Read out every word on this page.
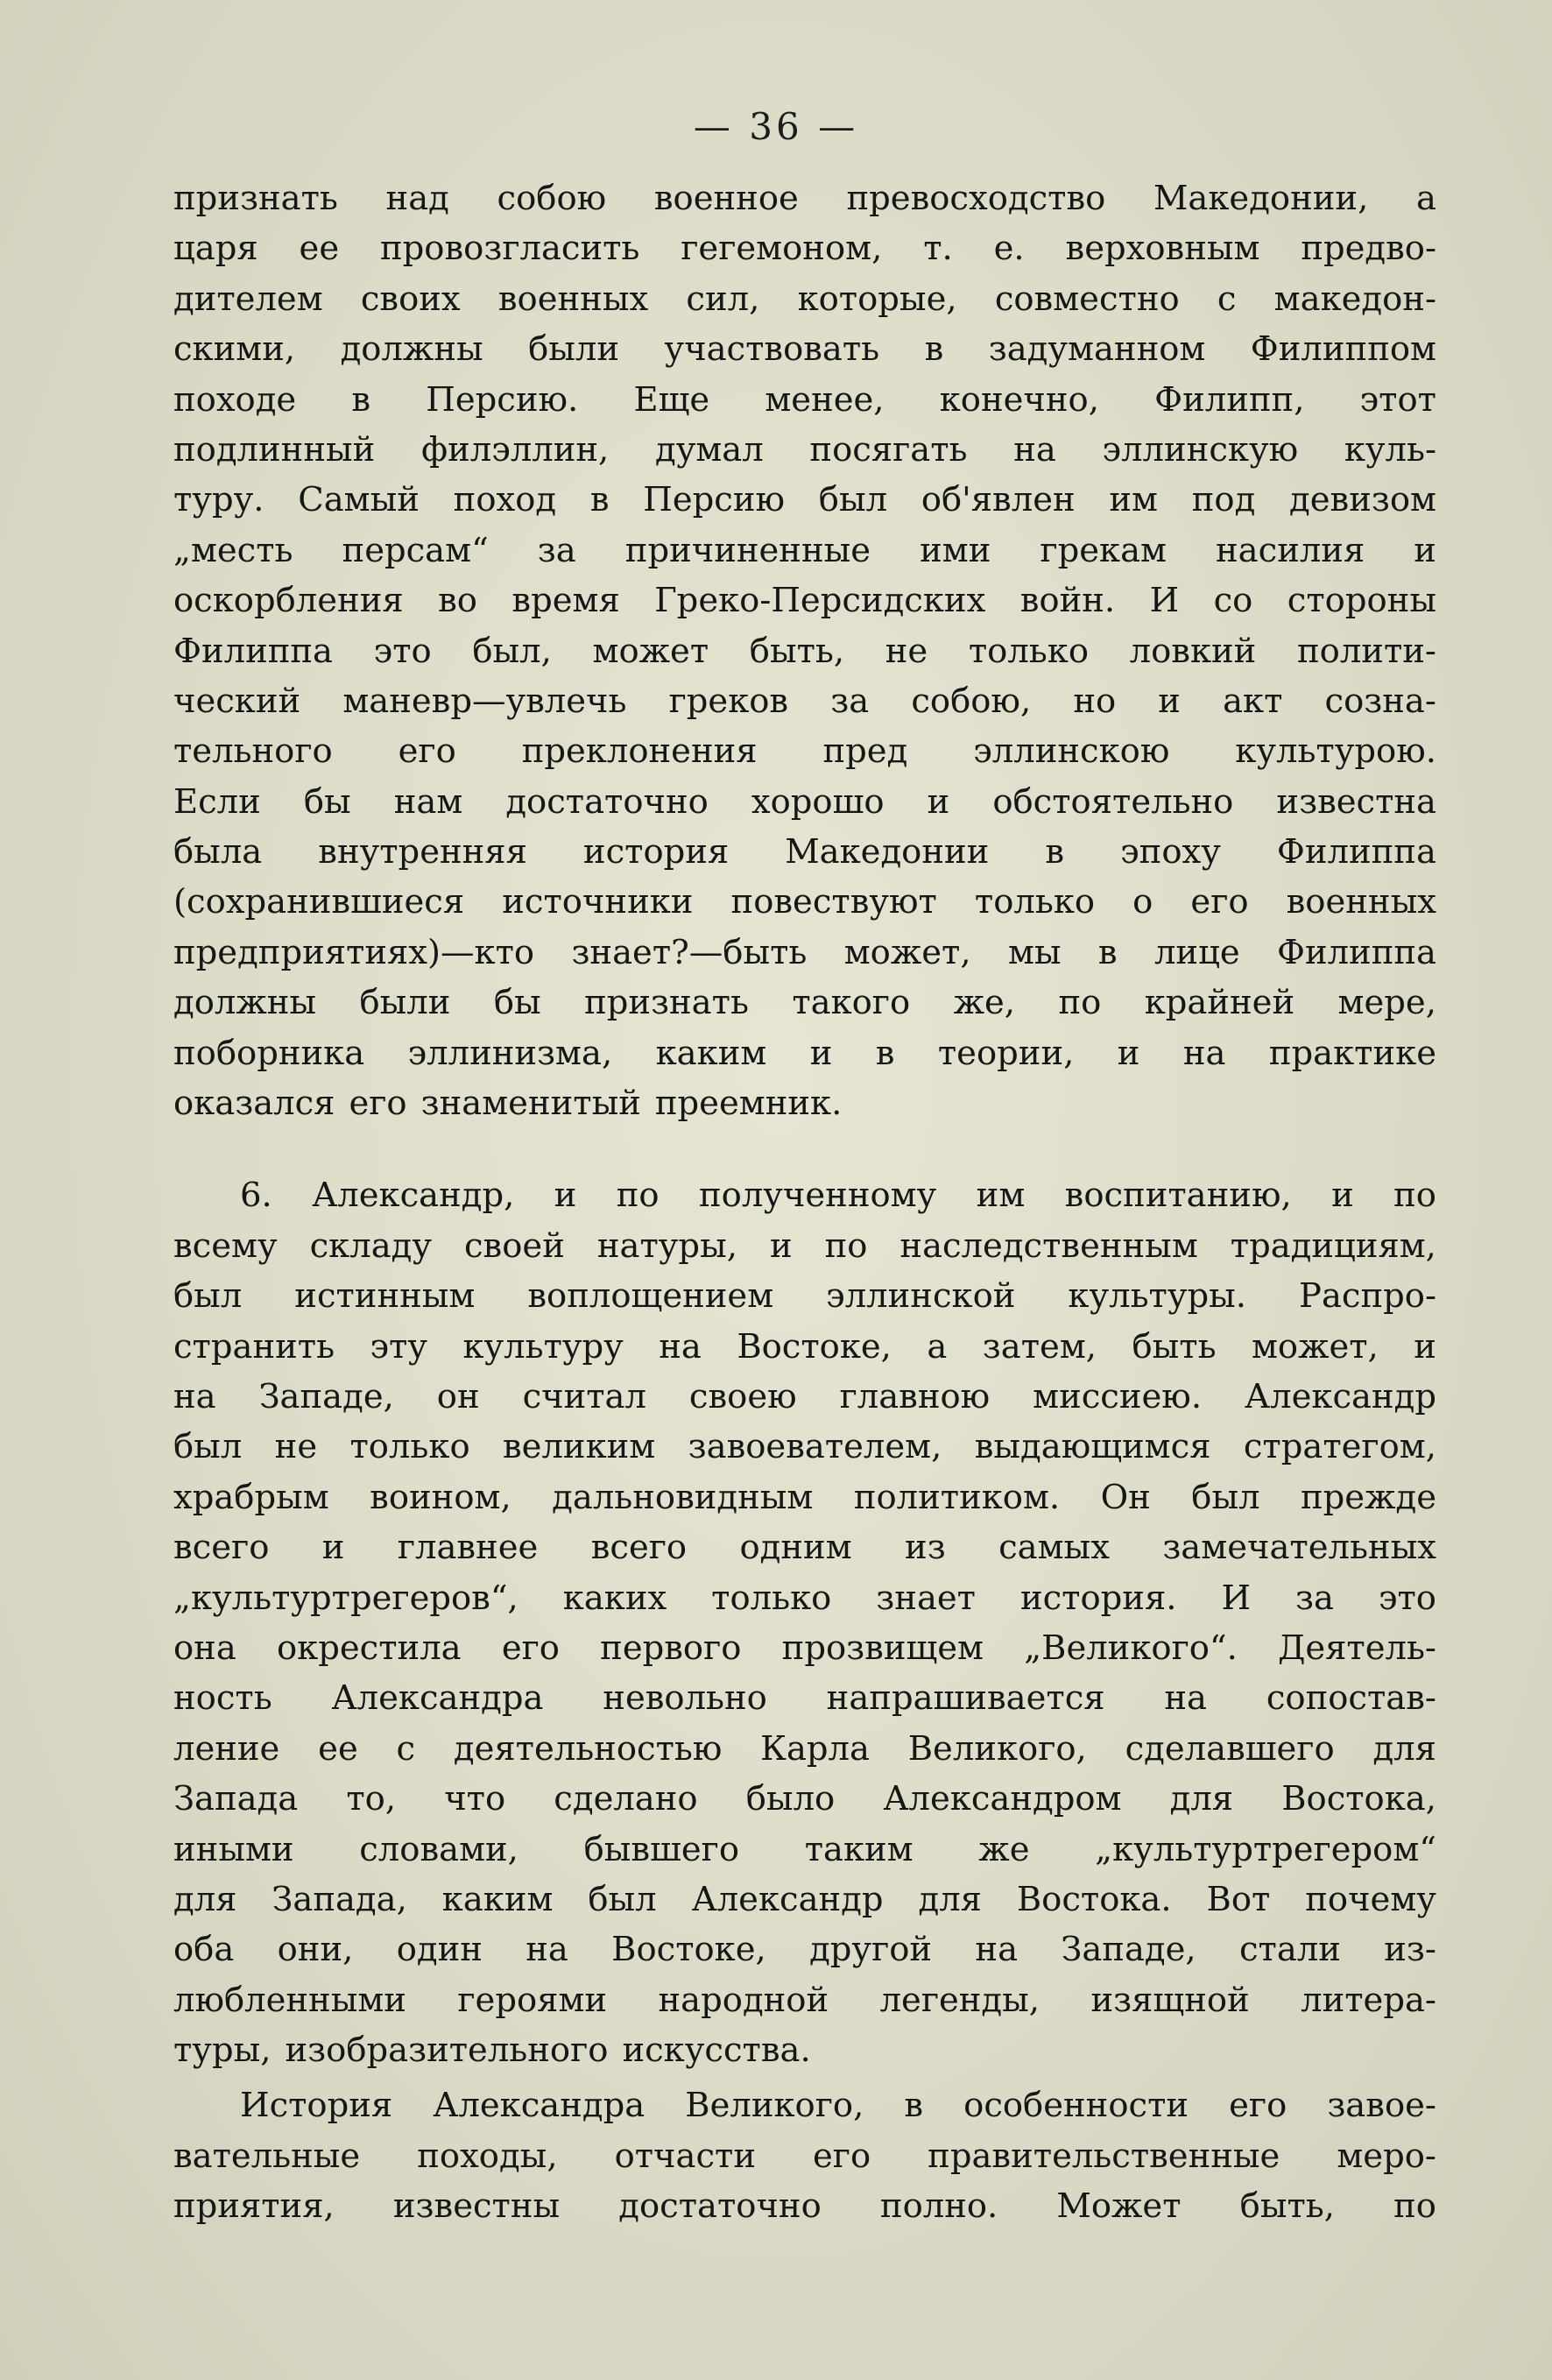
— 36 —
признать над собою военное превосходство Македонии, а
царя ее провозгласить гегемоном, т. е. верховным предво-
дителем своих военных сил, которые, совместно с македон-
скими, должны были участвовать в задуманном Филиппом
походе в Персию. Еще менее, конечно, Филипп, этот
подлинный филэллин, думал посягать на эллинскую куль-
туру. Самый поход в Персию был об'явлен им под девизом
„месть персам“ за причиненные ими грекам насилия и
оскорбления во время Греко-Персидских войн. И со стороны
Филиппа это был, может быть, не только ловкий полити-
ческий маневр—увлечь греков за собою, но и акт созна-
тельного его преклонения пред эллинскою культурою.
Если бы нам достаточно хорошо и обстоятельно известна
была внутренняя история Македонии в эпоху Филиппа
(сохранившиеся источники повествуют только о его военных
предприятиях)—кто знает?—быть может, мы в лице Филиппа
должны были бы признать такого же, по крайней мере,
поборника эллинизма, каким и в теории, и на практике
оказался его знаменитый преемник.
6. Александр, и по полученному им воспитанию, и по
всему складу своей натуры, и по наследственным традициям,
был истинным воплощением эллинской культуры. Распро-
странить эту культуру на Востоке, а затем, быть может, и
на Западе, он считал своею главною миссиею. Александр
был не только великим завоевателем, выдающимся стратегом,
храбрым воином, дальновидным политиком. Он был прежде
всего и главнее всего одним из самых замечательных
„культуртрегеров“, каких только знает история. И за это
она окрестила его первого прозвищем „Великого“. Деятель-
ность Александра невольно напрашивается на сопостав-
ление ее с деятельностью Карла Великого, сделавшего для
Запада то, что сделано было Александром для Востока,
иными словами, бывшего таким же „культуртрегером“
для Запада, каким был Александр для Востока. Вот почему
оба они, один на Востоке, другой на Западе, стали из-
любленными героями народной легенды, изящной литера-
туры, изобразительного искусства.
История Александра Великого, в особенности его завое-
вательные походы, отчасти его правительственные меро-
приятия, известны достаточно полно. Может быть, по
